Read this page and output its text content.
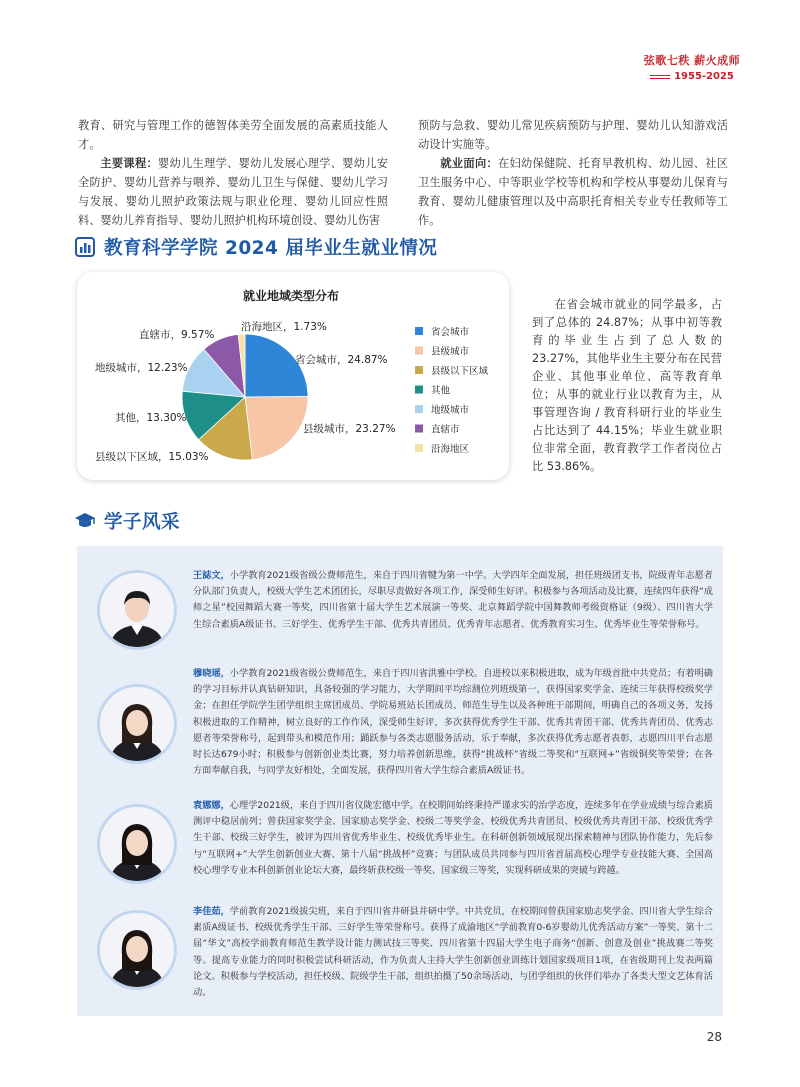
弦歌七秩 薪火成师
1955-2025

教育、研究与管理工作的德智体美劳全面发展的高素质技能人才。

主要课程：婴幼儿生理学、婴幼儿发展心理学、婴幼儿安全防护、婴幼儿营养与喂养、婴幼儿卫生与保健、婴幼儿学习与发展、婴幼儿照护政策法规与职业伦理、婴幼儿回应性照料、婴幼儿养育指导、婴幼儿照护机构环境创设、婴幼儿伤害

预防与急救、婴幼儿常见疾病预防与护理、婴幼儿认知游戏活动设计实施等。

就业面向：在妇幼保健院、托育早教机构、幼儿园、社区卫生服务中心、中等职业学校等机构和学校从事婴幼儿保育与教育、婴幼儿健康管理以及中高职托育相关专业专任教师等工作。

教育科学学院 2024 届毕业生就业情况
就业地域类型分布
省会城市，24.87%
县级城市，23.27%
县级以下区域，15.03%
其他，13.30%
地级城市，12.23%
直辖市，9.57%
沿海地区，1.73%	省会城市
县级城市
县级以下区域
其他
地级城市
直辖市
沿海地区
在省会城市就业的同学最多，占到了总体的 24.87%；从事中初等教育的毕业生占到了总人数的 23.27%，其他毕业生主要分布在民营企业、其他事业单位、高等教育单位；从事的就业行业以教育为主，从事管理咨询 / 教育科研行业的毕业生占比达到了 44.15%；毕业生就业职位非常全面，教育教学工作者岗位占比 53.86%。
学子风采
王誌文，小学教育2021级省级公费师范生，来自于四川省犍为第一中学。大学四年全面发展，担任班级团支书，院级青年志愿者分队部门负责人，校级大学生艺术团团长，尽职尽责做好各项工作，深受师生好评。积极参与各项活动及比赛，连续四年获得“成师之星”校园舞蹈大赛一等奖，四川省第十届大学生艺术展演一等奖、北京舞蹈学院中国舞教师考级资格证（9级）、四川省大学生综合素质A级证书、三好学生、优秀学生干部、优秀共青团员、优秀青年志愿者、优秀教育实习生、优秀毕业生等荣誉称号。
穆晓瑶，小学教育2021级省级公费师范生，来自于四川省洪雅中学校。自进校以来积极进取，成为年级首批中共党员；有着明确的学习目标并认真钻研知识，具备较强的学习能力，大学期间平均综测位列班级第一，获得国家奖学金、连续三年获得校级奖学金；在担任学院学生团学组织主席团成员、学院易班站长团成员、师范生导生以及各种班干部期间，明确自己的各项义务，发扬积极进取的工作精神，树立良好的工作作风，深受师生好评，多次获得优秀学生干部、优秀共青团干部、优秀共青团员、优秀志愿者等荣誉称号，起到带头和模范作用；踊跃参与各类志愿服务活动，乐于奉献，多次获得优秀志愿者表彰，志愿四川平台志愿时长达679小时；积极参与创新创业类比赛，努力培养创新思维，获得“挑战杯”省级二等奖和“互联网+”省级铜奖等荣誉；在各方面奉献自我，与同学友好相处，全面发展，获得四川省大学生综合素质A级证书。
袁娜娜，心理学2021级，来自于四川省仪陇宏德中学。在校期间始终秉持严谨求实的治学态度，连续多年在学业成绩与综合素质测评中稳居前列；曾获国家奖学金、国家励志奖学金、校级二等奖学金、校级优秀共青团员、校级优秀共青团干部、校级优秀学生干部、校级三好学生，被评为四川省优秀毕业生、校级优秀毕业生。在科研创新领域展现出探索精神与团队协作能力，先后参与“互联网+”大学生创新创业大赛、第十八届“挑战杯”竞赛；与团队成员共同参与四川省首届高校心理学专业技能大赛、全国高校心理学专业本科创新创业论坛大赛，最终斩获校级一等奖、国家级三等奖，实现科研成果的突破与跨越。
李佳茹，学前教育2021级拔尖班，来自于四川省井研县井研中学。中共党员，在校期间曾获国家励志奖学金、四川省大学生综合素质A级证书、校级优秀学生干部、三好学生等荣誉称号。获得了成渝地区“学前教育0-6岁婴幼儿优秀活动方案”一等奖、第十二届“华文”高校学前教育师范生教学设计能力测试技三等奖、四川省第十四届大学生电子商务“创新、创意及创业”挑战赛二等奖等。提高专业能力的同时积极尝试科研活动，作为负责人主持大学生创新创业训练计划国家级项目1项，在省级期刊上发表两篇论文。积极参与学校活动，担任校级、院级学生干部，组织拍摄了50余场活动，与团学组织的伙伴们举办了各类大型文艺体育活动。
28
